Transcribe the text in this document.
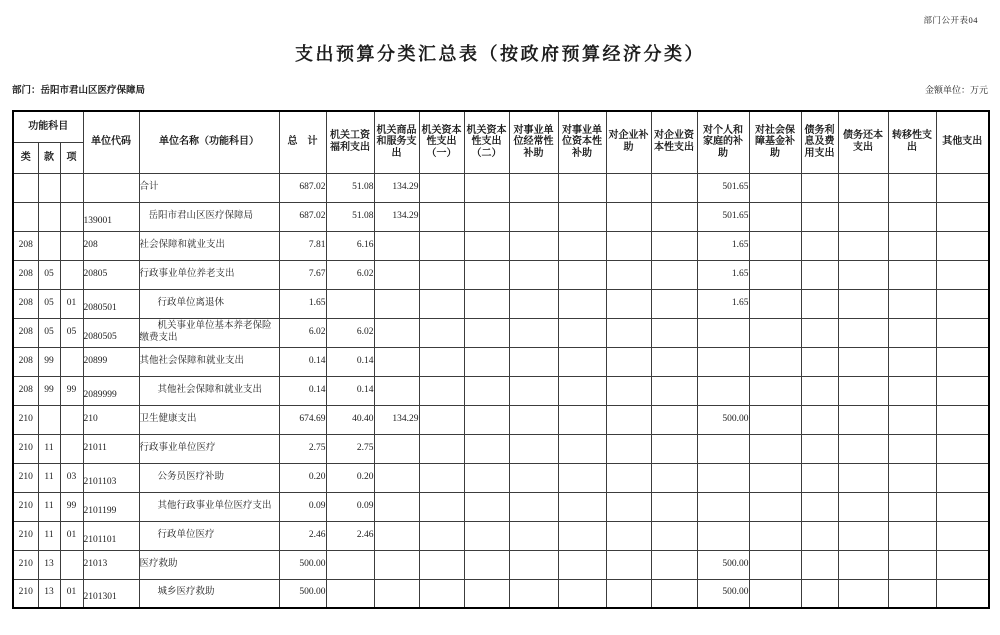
部门公开表04
支出预算分类汇总表（按政府预算经济分类）
部门：岳阳市君山区医疗保障局	金额单位：万元
功能科目			单位代码	单位名称（功能科目）	总　计	机关工资福利支出	机关商品和服务支出	机关资本性支出（一）	机关资本性支出（二）	对事业单位经常性补助	对事业单位资本性补助	对企业补助	对企业资本性支出	对个人和家庭的补助	对社会保障基金补助	债务利息及费用支出	债务还本支出	转移性支出	其他支出
类	款	项																	
				合计	687.02	51.08	134.29							501.65					
			139001	岳阳市君山区医疗保障局	687.02	51.08	134.29							501.65					
208			208	社会保障和就业支出	7.81	6.16								1.65					
208	05		20805	行政事业单位养老支出	7.67	6.02								1.65					
208	05	01	2080501	行政单位离退休	1.65									1.65					
208	05	05	2080505	机关事业单位基本养老保险缴费支出	6.02	6.02													
208	99		20899	其他社会保障和就业支出	0.14	0.14													
208	99	99	2089999	其他社会保障和就业支出	0.14	0.14													
210			210	卫生健康支出	674.69	40.40	134.29							500.00					
210	11		21011	行政事业单位医疗	2.75	2.75													
210	11	03	2101103	公务员医疗补助	0.20	0.20													
210	11	99	2101199	其他行政事业单位医疗支出	0.09	0.09													
210	11	01	2101101	行政单位医疗	2.46	2.46													
210	13		21013	医疗救助	500.00									500.00					
210	13	01	2101301	城乡医疗救助	500.00									500.00					
